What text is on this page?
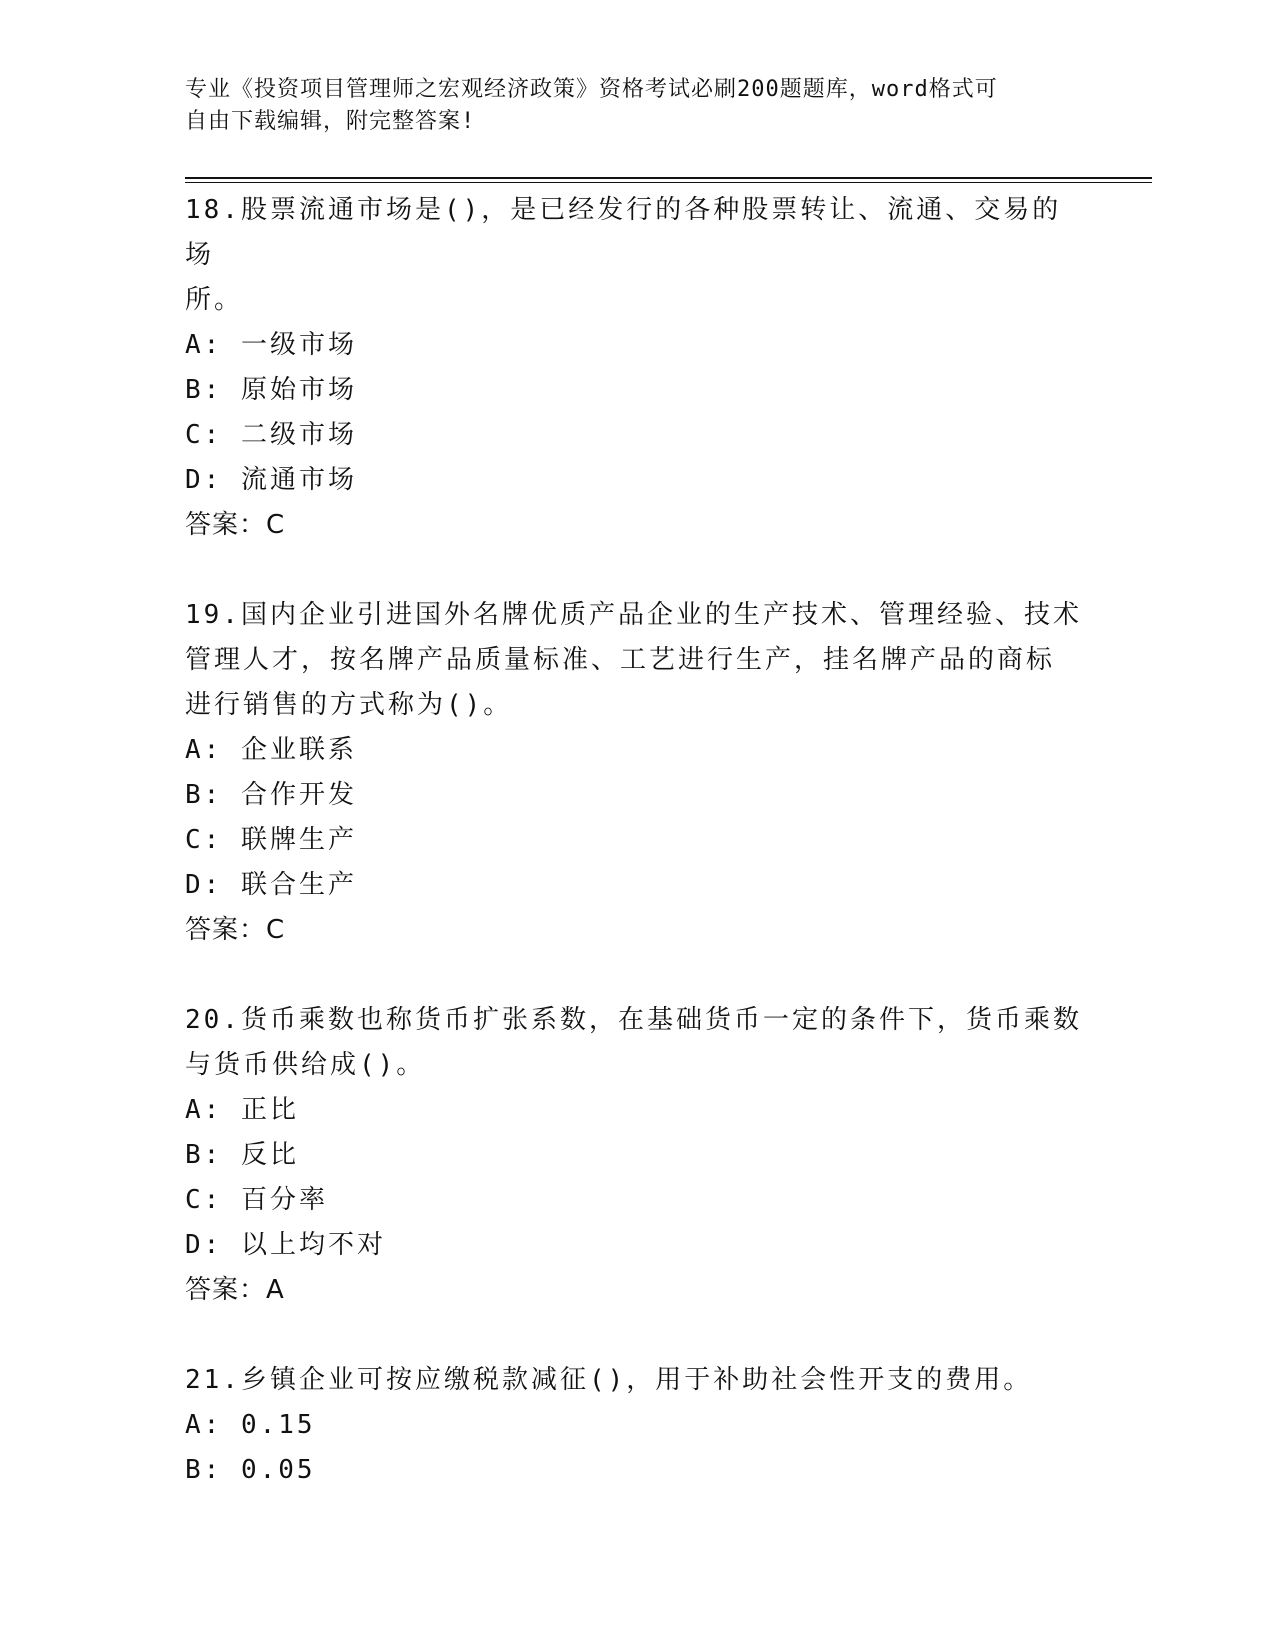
专业《投资项目管理师之宏观经济政策》资格考试必刷200题题库，word格式可
自由下载编辑，附完整答案!
18.股票流通市场是()，是已经发行的各种股票转让、流通、交易的场
所。
A: 一级市场
B: 原始市场
C: 二级市场
D: 流通市场
答案：C
19.国内企业引进国外名牌优质产品企业的生产技术、管理经验、技术
管理人才，按名牌产品质量标准、工艺进行生产，挂名牌产品的商标
进行销售的方式称为()。
A: 企业联系
B: 合作开发
C: 联牌生产
D: 联合生产
答案：C
20.货币乘数也称货币扩张系数，在基础货币一定的条件下，货币乘数
与货币供给成()。
A: 正比
B: 反比
C: 百分率
D: 以上均不对
答案：A
21.乡镇企业可按应缴税款减征()，用于补助社会性开支的费用。
A: 0.15
B: 0.05
